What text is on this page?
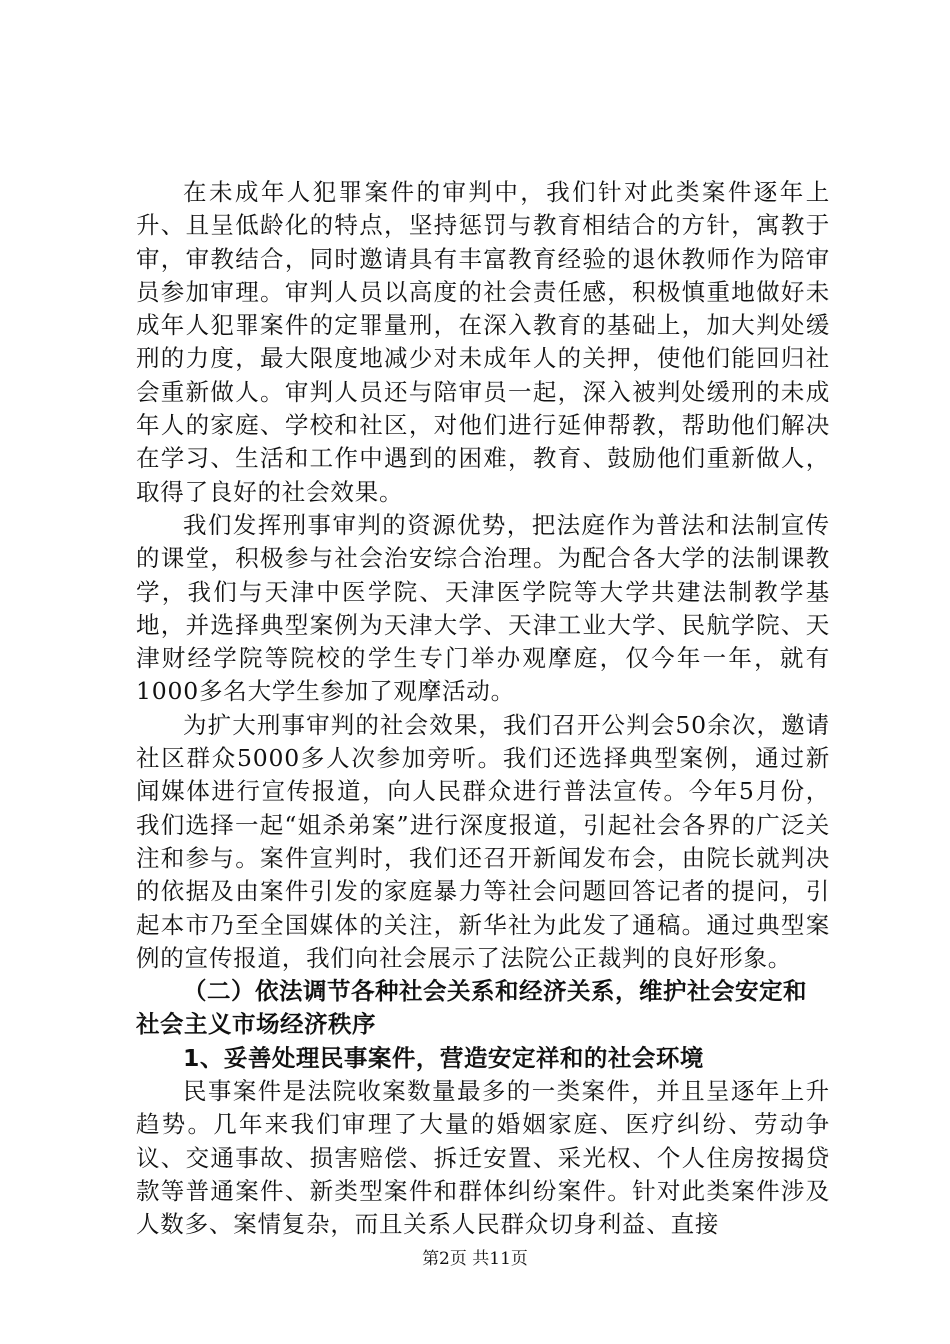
在未成年人犯罪案件的审判中，我们针对此类案件逐年上升、且呈低龄化的特点，坚持惩罚与教育相结合的方针，寓教于审，审教结合，同时邀请具有丰富教育经验的退休教师作为陪审员参加审理。审判人员以高度的社会责任感，积极慎重地做好未成年人犯罪案件的定罪量刑，在深入教育的基础上，加大判处缓刑的力度，最大限度地减少对未成年人的关押，使他们能回归社会重新做人。审判人员还与陪审员一起，深入被判处缓刑的未成年人的家庭、学校和社区，对他们进行延伸帮教，帮助他们解决在学习、生活和工作中遇到的困难，教育、鼓励他们重新做人，取得了良好的社会效果。

我们发挥刑事审判的资源优势，把法庭作为普法和法制宣传的课堂，积极参与社会治安综合治理。为配合各大学的法制课教学，我们与天津中医学院、天津医学院等大学共建法制教学基地，并选择典型案例为天津大学、天津工业大学、民航学院、天津财经学院等院校的学生专门举办观摩庭，仅今年一年，就有1000多名大学生参加了观摩活动。

为扩大刑事审判的社会效果，我们召开公判会50余次，邀请社区群众5000多人次参加旁听。我们还选择典型案例，通过新闻媒体进行宣传报道，向人民群众进行普法宣传。今年5月份，我们选择一起“姐杀弟案”进行深度报道，引起社会各界的广泛关注和参与。案件宣判时，我们还召开新闻发布会，由院长就判决的依据及由案件引发的家庭暴力等社会问题回答记者的提问，引起本市乃至全国媒体的关注，新华社为此发了通稿。通过典型案例的宣传报道，我们向社会展示了法院公正裁判的良好形象。

（二）依法调节各种社会关系和经济关系，维护社会安定和社会主义市场经济秩序

1、妥善处理民事案件，营造安定祥和的社会环境

民事案件是法院收案数量最多的一类案件，并且呈逐年上升趋势。几年来我们审理了大量的婚姻家庭、医疗纠纷、劳动争议、交通事故、损害赔偿、拆迁安置、采光权、个人住房按揭贷款等普通案件、新类型案件和群体纠纷案件。针对此类案件涉及人数多、案情复杂，而且关系人民群众切身利益、直接

第2页 共11页
